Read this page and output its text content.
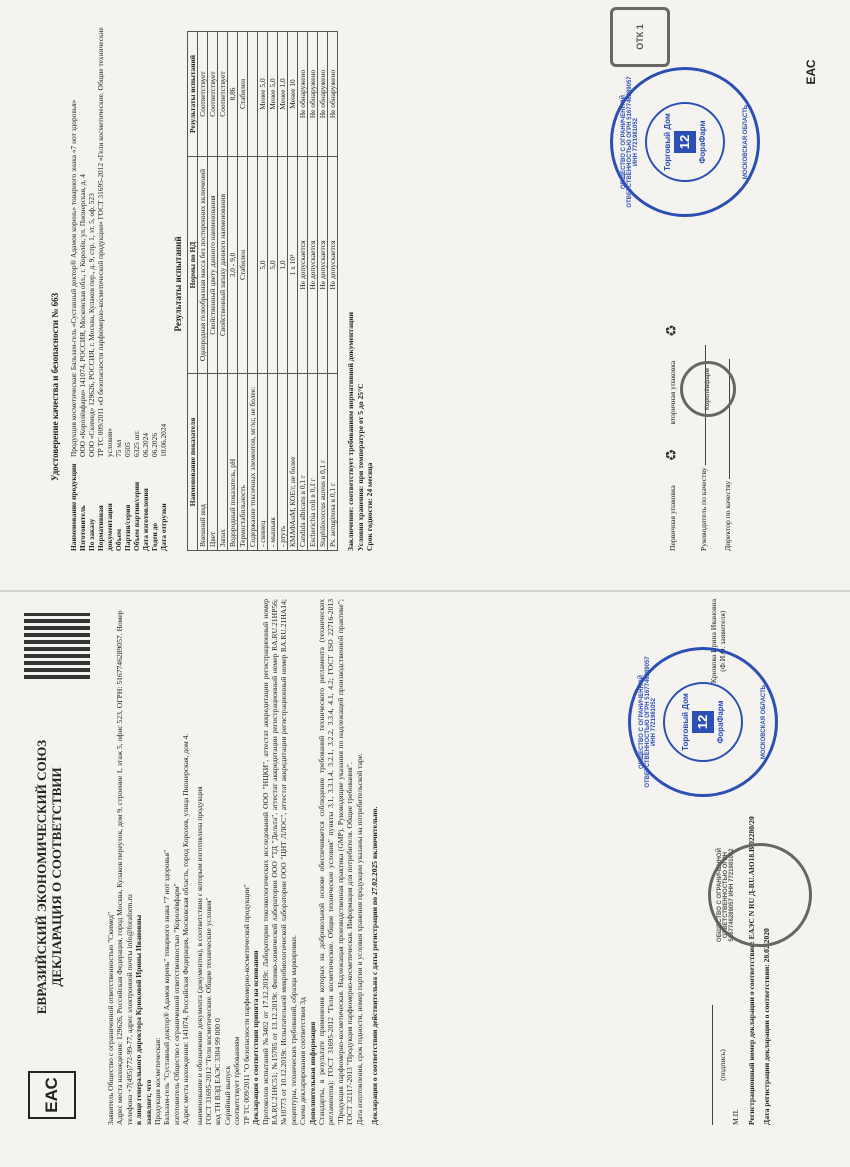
ЕАС
ЕВРАЗИЙСКИЙ ЭКОНОМИЧЕСКИЙ СОЮЗ ДЕКЛАРАЦИЯ О СООТВЕТСТВИИ

Заявитель Общество с ограниченной ответственностью "Скимед" Адрес места нахождения: 129626, Российская Федерация, город Москва, Кулаков переулок, дом 9, строение 1, этаж 5, офис 523, ОГРН: 5167746289057. Номер телефона +7(495)772-99-77, адрес электронной почты info@foraform.ru в лице генерального директора Крюковой Ирины Ивановны заявляет, что Продукция косметическая: Бальзам-гель "Суставный доктор® Адамов корень" товарного знака "7 нот здоровья" изготовитель Общество с ограниченной ответственностью "Королёвфарм" Адрес места нахождения: 141074, Российская Федерация, Московская область, город Королев, улица Пионерская, дом 4. наименование и обозначение документа (документов), в соответствии с которым изготовлена продукция ГОСТ 31695-2012 "Гели косметические. Общие технические условия" код ТН ВЭД ЕАЭС 3304 99 000 0 Серийный выпуск соответствует требованиям ТР ТС 009/2011 "О безопасности парфюмерно-косметической продукции" Декларация о соответствии принята на основании Протоколов испытаний №3402 от 17.12.2019г. Лаборатории токсикологических исследований ООО "НЦКИ", аттестат аккредитации регистрационный номер RA.RU.21НС51; №15785 от 13.12.2019г. Физико-химической лаборатории ООО "ТД "Дельта", аттестат аккредитации регистрационный номер RA.RU.21НР56; №10773 от 10.12.2019г. Испытательной микробиологической лаборатории ООО "ЦНТ ЛЛОС", аттестат аккредитации регистрационный номер RA.RU.21НА14; рецептуры, технических требований, образца маркировки. Схема декларирования соответствия 3д Дополнительная информация Стандарты, в результате применения которых на добровольной основе обеспечивается соблюдение требований технического регламента (технических регламентов): ГОСТ 31695-2012 "Гели косметические. Общие технические условия" пункты 3.1, 3.3.1.4, 3.2.1, 3.2.2, 3.3.4, 4.1, 4.2; ГОСТ ISO 22716-2013 "Продукция парфюмерно-косметическая. Надлежащая производственная практика (GMP). Руководящие указания по надлежащей производственной практике"; ГОСТ 32117-2013 "Продукция парфюмерно-косметическая. Информация для потребителя. Общие требования". Дата изготовления, срок годности, номер партии и условия хранения продукции указаны на потребительской таре. Декларация о соответствии действительна с даты регистрации по 27.02.2025 включительно.	(подпись)
Крюкова Ирина Ивановна (Ф.И.О. заявителя)
М.П. Регистрационный номер декларации о соответствии: ЕАЭС N RU Д-RU.АЮ18.В.02280/20
Дата регистрации декларации о соответствии: 28.02.2020
ОБЩЕСТВО С ОГРАНИЧЕННОЙ ОТВЕТСТВЕННОСТЬЮ ОГРН 5167746289057 ИНН 7721981052	Торговый Дом 12 ФораФарм	МОСКОВСКАЯ ОБЛАСТЬ
ОБЩЕСТВО С ОГРАНИЧЕННОЙ ОТВЕТСТВЕННОСТЬЮ ОГРН 5167746289057 ИНН 7721981052
Удостоверение качества и безопасности № 663
Наименование продукции	Продукция косметическая: Бальзам-гель «Суставный доктор® Адамов корень» товарного знака «7 нот здоровья»
Изготовитель	ООО «Королёвфарм» 141074, РОССИЯ, Московская обл., г. Королёв, ул. Пионерская, д. 4
По заказу	ООО «Скимед» 129626, РОССИЯ, г. Москва, Кулаков пер., д. 9, стр. 1, эт. 5, оф. 523
Нормативная документация	ТР ТС 009/2011 «О безопасности парфюмерно-косметической продукции» ГОСТ 31695-2012 «Гели косметические. Общие технические условия»
Объем	75 мл
Партия/серия	0505
Объем партии/серии	6325 шт.
Дата изготовления	06.2024
Годен до	06.2026
Дата отгрузки	10.06.2024
Результаты испытаний
Наименование показателя	Нормы по НД	Результаты испытаний
Внешний вид	Однородная гелеобразная масса без посторонних включений	Соответствует
Цвет	Свойственный цвету данного наименования	Соответствует
Запах	Свойственный запаху данного наименования	Соответствует
Водородный показатель, pH	3,0 - 9,0	8,86
Термостабильность	Стабилен	Стабилен
Содержание токсичных элементов, мг/кг, не более:		
- свинец	5,0	Менее 5,0
- мышьяк	5,0	Менее 5,0
- ртуть	1,0	Менее 1,0
КМАФАнМ, КОЕ/г, не более	1 x 10³	Менее 10
Candida albicans в 0,1 г	Не допускается	Не обнаружено
Escherichia coli в 0,1 г	Не допускается	Не обнаружено
Staphilococcus aureus в 0,1 г	Не допускается	Не обнаружено
Ps. aeruginosa в 0,1 г	Не допускается	Не обнаружено
Заключение: соответствует требованиям нормативной документации Условия хранения: при температуре от 5 до 25°С Срок годности: 24 месяца	Первичная упаковка
♻
вторичная упаковка
♻
Руководитель по качеству	Директор по качеству
ЕАС
ОБЩЕСТВО С ОГРАНИЧЕННОЙ ОТВЕТСТВЕННОСТЬЮ ОГРН 5167746289057 ИНН 7721981052	Торговый Дом 12 ФораФарм	МОСКОВСКАЯ ОБЛАСТЬ
Королёвфарм
ОТК 1
